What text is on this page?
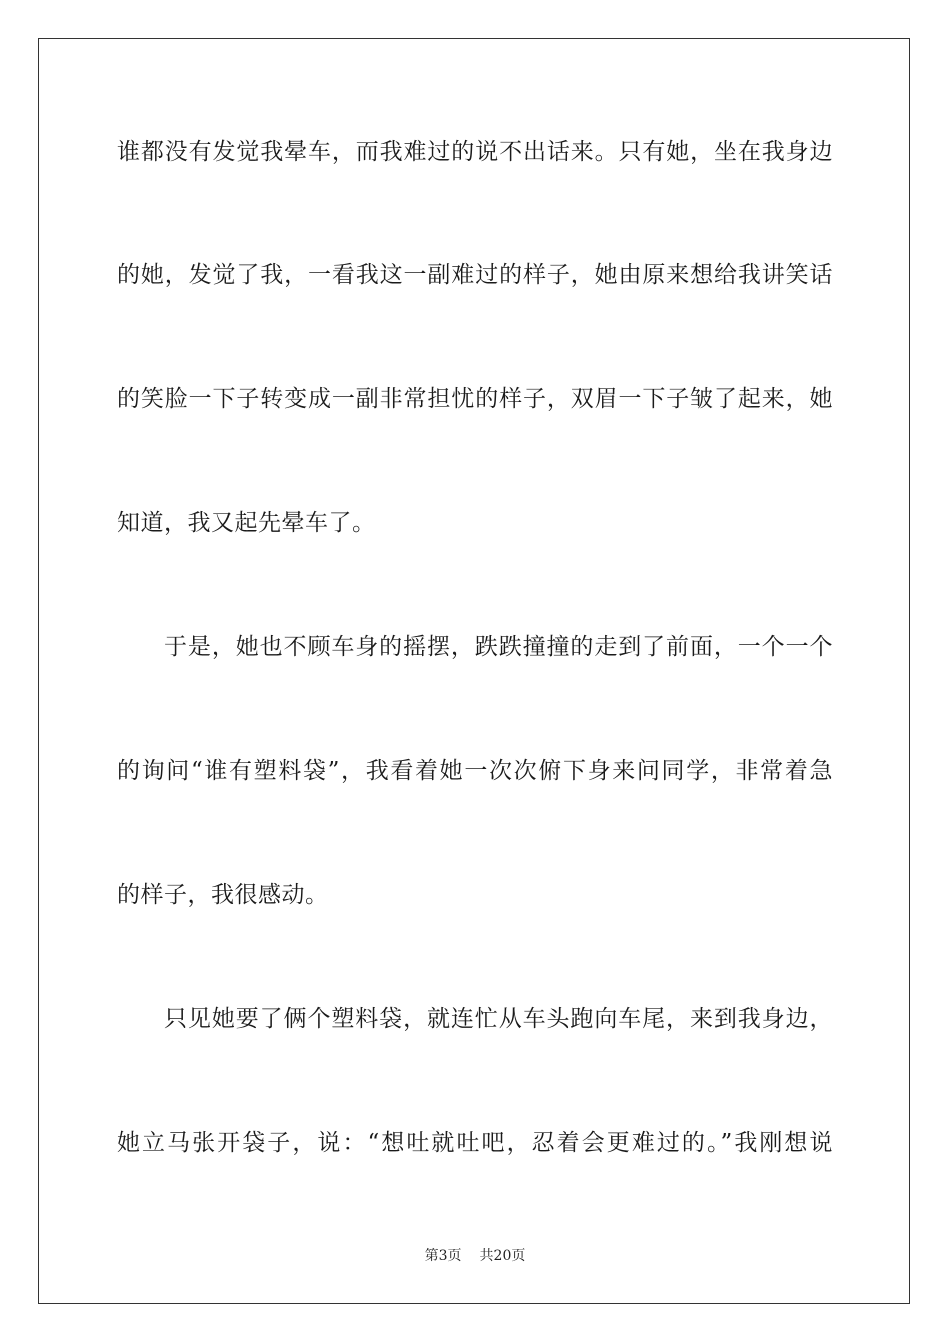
谁都没有发觉我晕车，而我难过的说不出话来。只有她，坐在我身边
的她，发觉了我，一看我这一副难过的样子，她由原来想给我讲笑话
的笑脸一下子转变成一副非常担忧的样子，双眉一下子皱了起来，她
知道，我又起先晕车了。
于是，她也不顾车身的摇摆，跌跌撞撞的走到了前面，一个一个
的询问“谁有塑料袋”，我看着她一次次俯下身来问同学，非常着急
的样子，我很感动。
只见她要了俩个塑料袋，就连忙从车头跑向车尾，来到我身边，
她立马张开袋子，说：“想吐就吐吧，忍着会更难过的。”我刚想说
第3页 共20页
